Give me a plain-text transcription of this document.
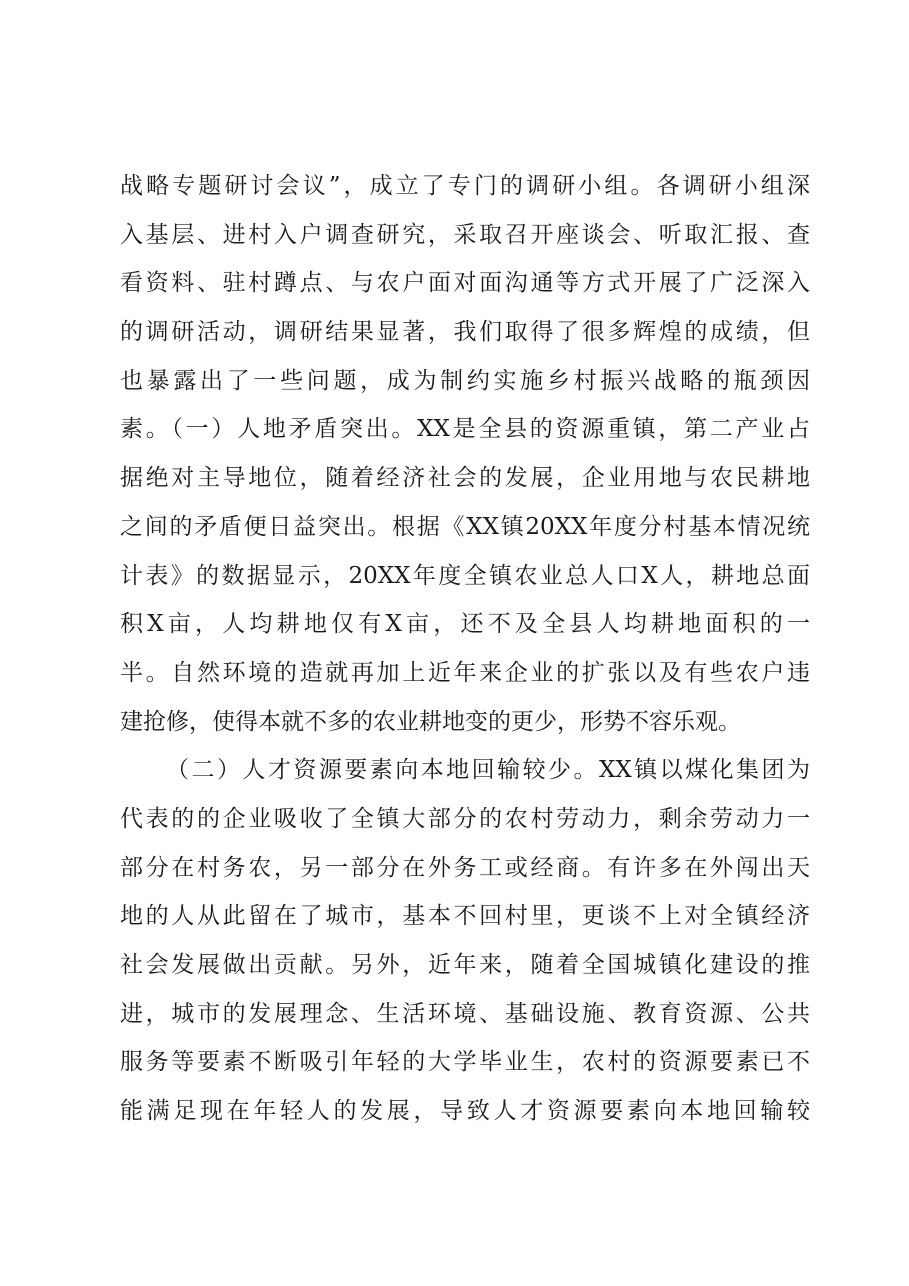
战略专题研讨会议”，成立了专门的调研小组。各调研小组深
入基层、进村入户调查研究，采取召开座谈会、听取汇报、查
看资料、驻村蹲点、与农户面对面沟通等方式开展了广泛深入
的调研活动，调研结果显著，我们取得了很多辉煌的成绩，但
也暴露出了一些问题，成为制约实施乡村振兴战略的瓶颈因
素。（一）人地矛盾突出。XX是全县的资源重镇，第二产业占
据绝对主导地位，随着经济社会的发展，企业用地与农民耕地
之间的矛盾便日益突出。根据《XX镇20XX年度分村基本情况统
计表》的数据显示，20XX年度全镇农业总人口X人，耕地总面
积X亩，人均耕地仅有X亩，还不及全县人均耕地面积的一
半。自然环境的造就再加上近年来企业的扩张以及有些农户违
建抢修，使得本就不多的农业耕地变的更少，形势不容乐观。
（二）人才资源要素向本地回输较少。XX镇以煤化集团为
代表的的企业吸收了全镇大部分的农村劳动力，剩余劳动力一
部分在村务农，另一部分在外务工或经商。有许多在外闯出天
地的人从此留在了城市，基本不回村里，更谈不上对全镇经济
社会发展做出贡献。另外，近年来，随着全国城镇化建设的推
进，城市的发展理念、生活环境、基础设施、教育资源、公共
服务等要素不断吸引年轻的大学毕业生，农村的资源要素已不
能满足现在年轻人的发展，导致人才资源要素向本地回输较
